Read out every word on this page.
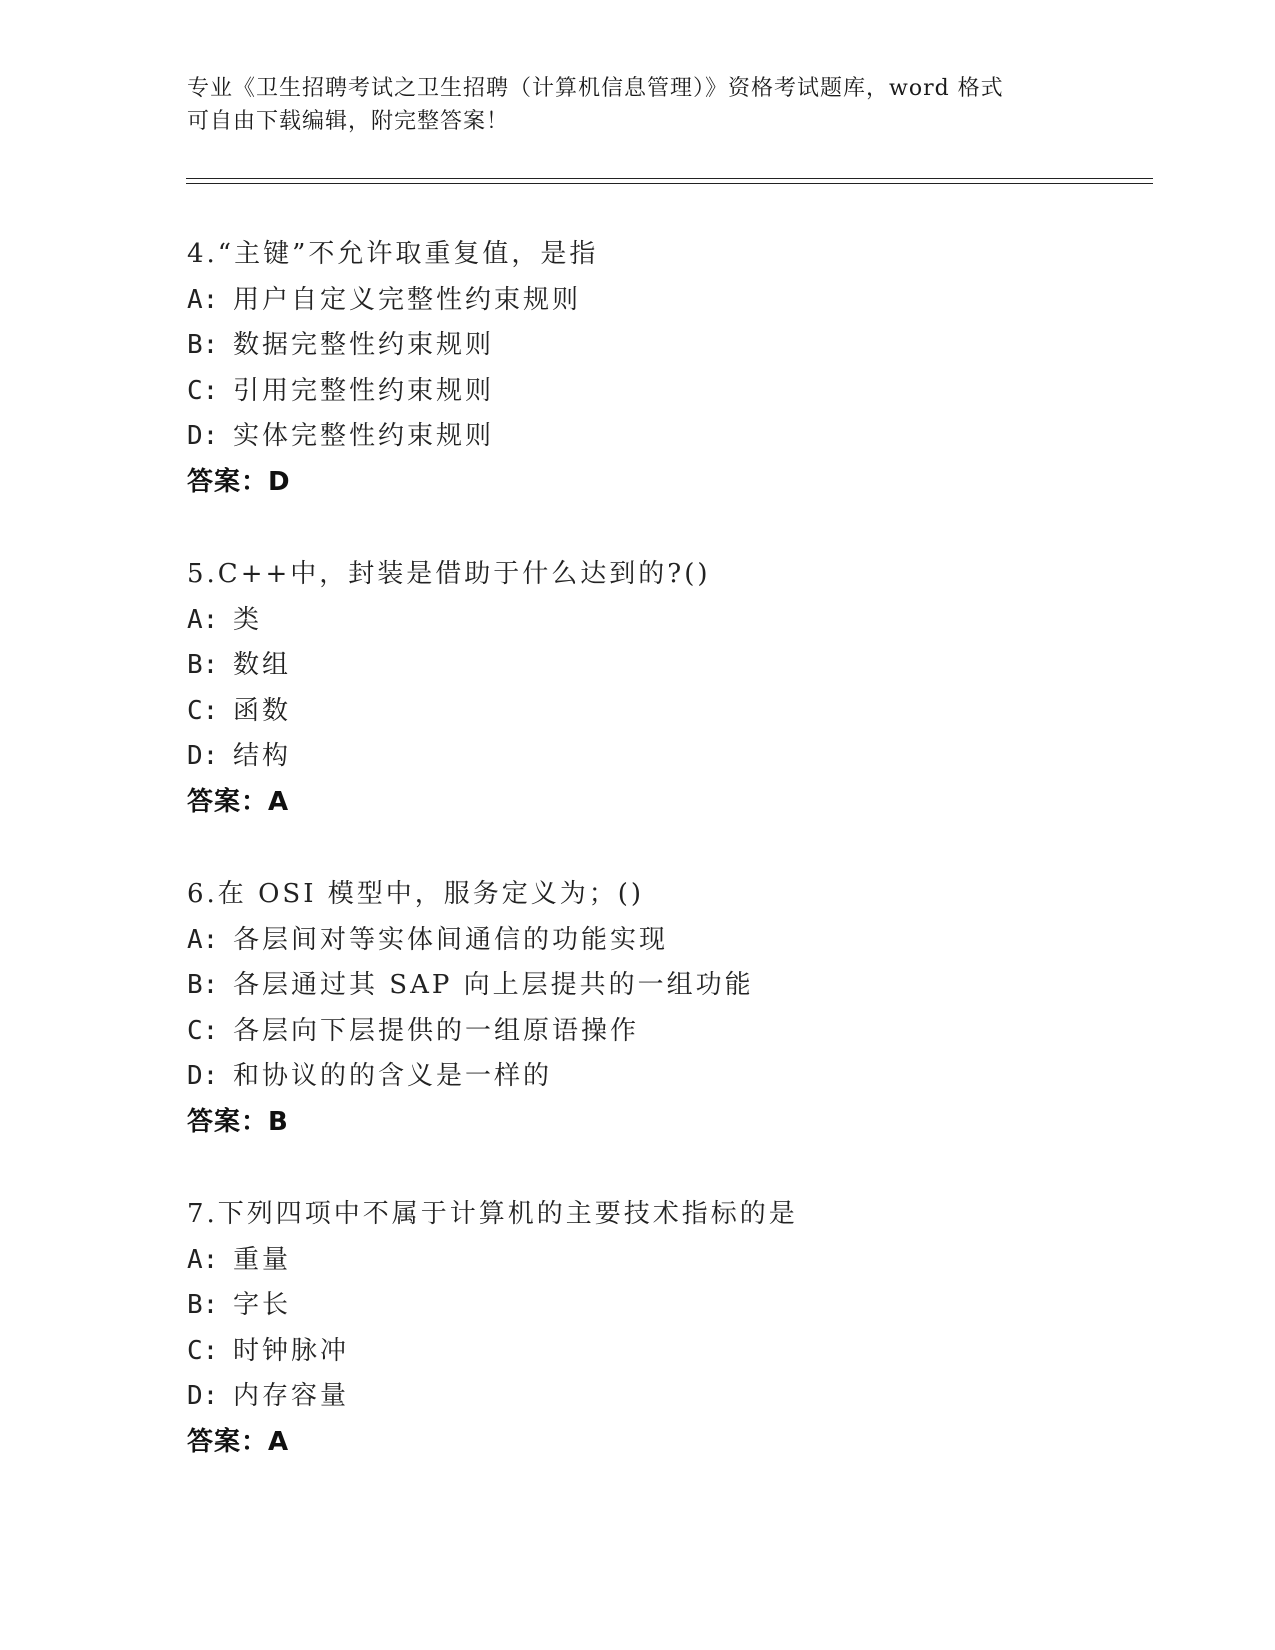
专业《卫生招聘考试之卫生招聘（计算机信息管理）》资格考试题库，word 格式
可自由下载编辑，附完整答案！
4.“主键”不允许取重复值，是指
A: 用户自定义完整性约束规则
B: 数据完整性约束规则
C: 引用完整性约束规则
D: 实体完整性约束规则
答案：D
5.C++中，封装是借助于什么达到的?()
A: 类
B: 数组
C: 函数
D: 结构
答案：A
6.在 OSI 模型中，服务定义为；()
A: 各层间对等实体间通信的功能实现
B: 各层通过其 SAP 向上层提共的一组功能
C: 各层向下层提供的一组原语操作
D: 和协议的的含义是一样的
答案：B
7.下列四项中不属于计算机的主要技术指标的是
A: 重量
B: 字长
C: 时钟脉冲
D: 内存容量
答案：A
